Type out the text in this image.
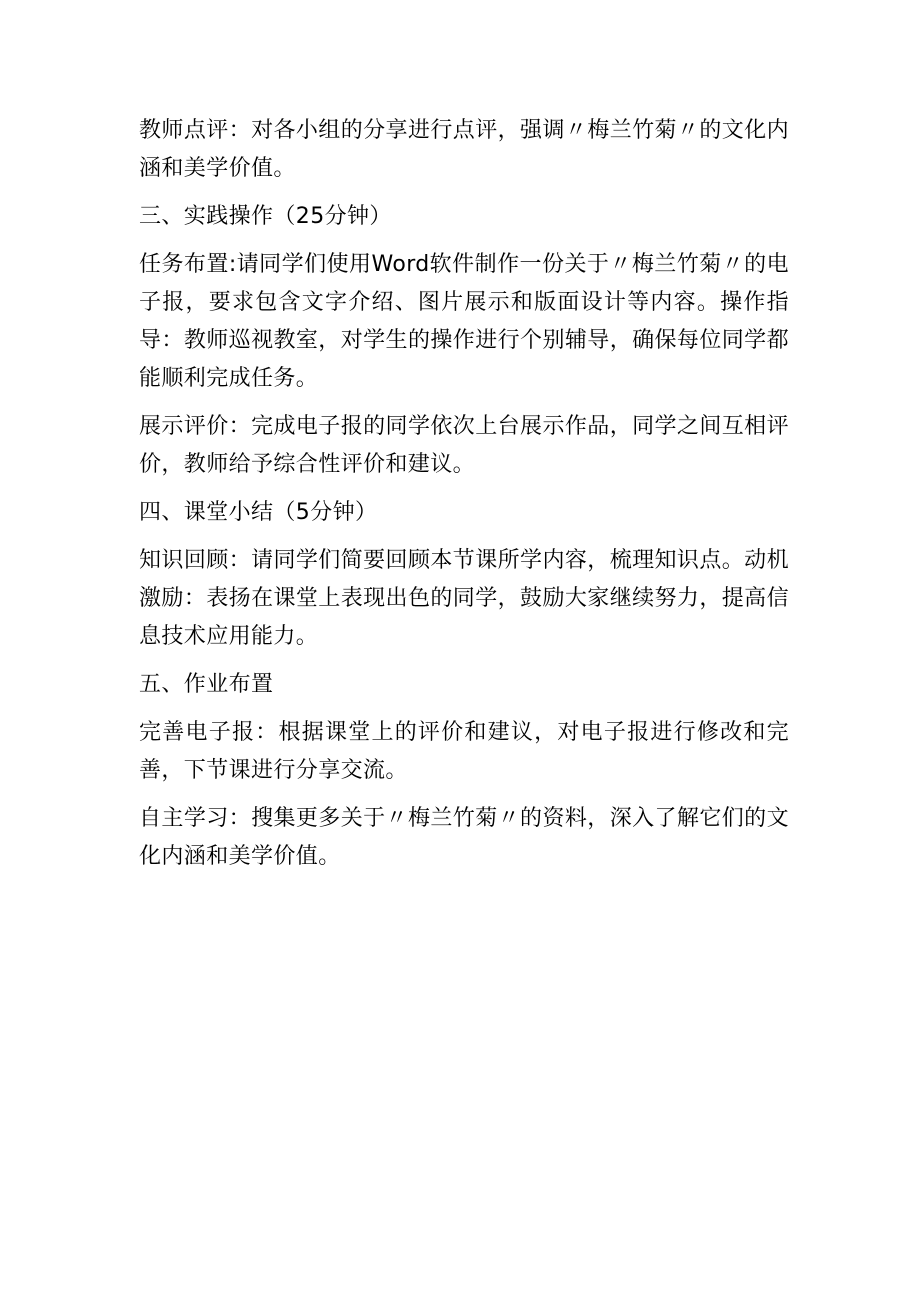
教师点评：对各小组的分享进行点评，强调〃梅兰竹菊〃的文化内涵和美学价值。

三、实践操作（25分钟）

任务布置:请同学们使用Word软件制作一份关于〃梅兰竹菊〃的电子报，要求包含文字介绍、图片展示和版面设计等内容。操作指导：教师巡视教室，对学生的操作进行个别辅导，确保每位同学都能顺利完成任务。

展示评价：完成电子报的同学依次上台展示作品，同学之间互相评价，教师给予综合性评价和建议。

四、课堂小结（5分钟）

知识回顾：请同学们简要回顾本节课所学内容，梳理知识点。动机激励：表扬在课堂上表现出色的同学，鼓励大家继续努力，提高信息技术应用能力。

五、作业布置

完善电子报：根据课堂上的评价和建议，对电子报进行修改和完善，下节课进行分享交流。

自主学习：搜集更多关于〃梅兰竹菊〃的资料，深入了解它们的文化内涵和美学价值。
